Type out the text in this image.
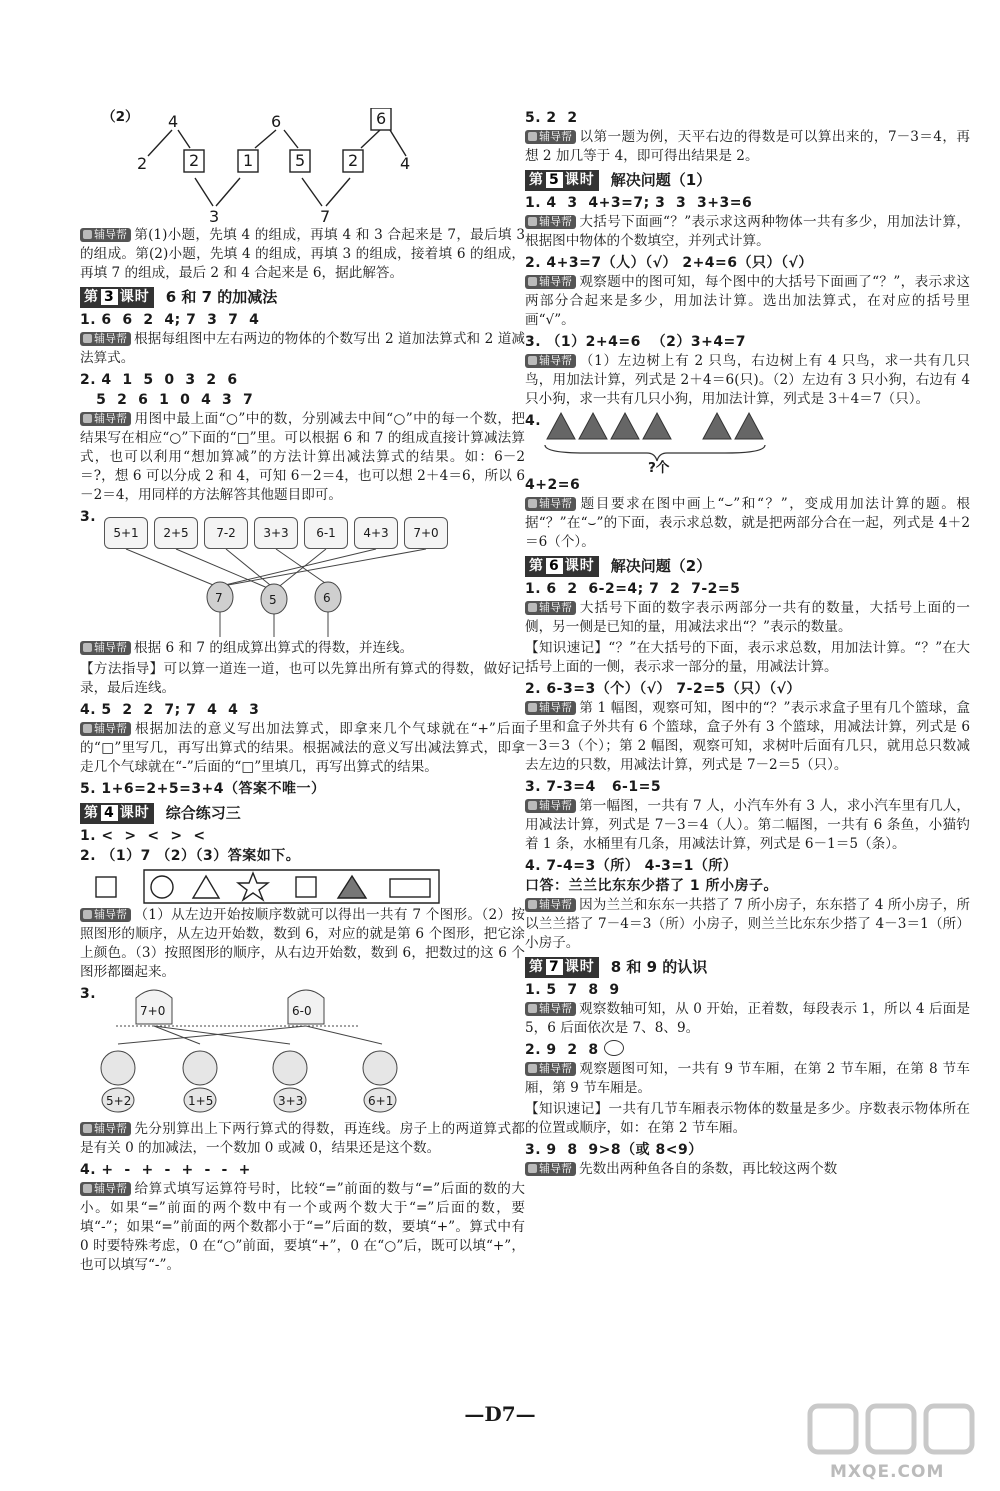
（2） 4
2	2
6
1	5	2
6
4
3	7

辅导帮 第(1)小题，先填 4 的组成，再填 4 和 3 合起来是 7，最后填 3 的组成。第(2)小题，先填 4 的组成，再填 3 的组成，接着填 6 的组成，再填 7 的组成，最后 2 和 4 合起来是 6，据此解答。

第 3 课时 6 和 7 的加减法
1. 6  6  2  4; 7  3  7  4

辅导帮 根据每组图中左右两边的物体的个数写出 2 道加法算式和 2 道减法算式。

2. 4  1  5  0  3  2  6
5  2  6  1  0  4  3  7

辅导帮 用图中最上面“○”中的数，分别减去中间“○”中的每一个数，把结果写在相应“○”下面的“□”里。可以根据 6 和 7 的组成直接计算减法算式，也可以利用“想加算减”的方法计算出减法算式的结果。如：6－2＝?，想 6 可以分成 2 和 4，可知 6－2＝4，也可以想 2＋4＝6，所以 6－2＝4，用同样的方法解答其他题目即可。

3.
5+1	2+5	7-2	3+3	6-1	4+3	7+0
7	5	6

辅导帮 根据 6 和 7 的组成算出算式的得数，并连线。

【方法指导】可以算一道连一道，也可以先算出所有算式的得数，做好记录，最后连线。

4. 5  2  2  7; 7  4  4  3

辅导帮 根据加法的意义写出加法算式，即拿来几个气球就在“+”后面的“□”里写几，再写出算式的结果。根据减法的意义写出减法算式，即拿走几个气球就在“-”后面的“□”里填几，再写出算式的结果。

5. 1+6=2+5=3+4（答案不唯一）
第 4 课时 综合练习三
1. <  >  <  >  <
2. （1）7 （2）（3）答案如下。

辅导帮 （1）从左边开始按顺序数就可以得出一共有 7 个图形。（2）按照图形的顺序，从左边开始数，数到 6，对应的就是第 6 个图形，把它涂上颜色。（3）按照图形的顺序，从右边开始数，数到 6，把数过的这 6 个图形都圈起来。

3.
7+0	6-0
5+2	1+5	3+3	6+1

辅导帮 先分别算出上下两行算式的得数，再连线。房子上的两道算式都是有关 0 的加减法，一个数加 0 或减 0，结果还是这个数。

4. +  -  +  -  +  -  -  +

辅导帮 给算式填写运算符号时，比较“=”前面的数与“=”后面的数的大小。如果“=”前面的两个数中有一个或两个数大于“=”后面的数，要填“-”；如果“=”前面的两个数都小于“=”后面的数，要填“+”。算式中有 0 时要特殊考虑，0 在“○”前面，要填“+”，0 在“○”后，既可以填“+”，也可以填写“-”。

5. 2  2

辅导帮 以第一题为例，天平右边的得数是可以算出来的，7－3＝4，再想 2 加几等于 4，即可得出结果是 2。

第 5 课时 解决问题（1）
1. 4  3  4+3=7; 3  3  3+3=6

辅导帮 大括号下面画“？”表示求这两种物体一共有多少，用加法计算，根据图中物体的个数填空，并列式计算。

2. 4+3=7（人）（√） 2+4=6（只）（√）

辅导帮 观察题中的图可知，每个图中的大括号下面画了“？”，表示求这两部分合起来是多少，用加法计算。选出加法算式，在对应的括号里画“√”。

3. （1）2+4=6  （2）3+4=7

辅导帮 （1）左边树上有 2 只鸟，右边树上有 4 只鸟，求一共有几只鸟，用加法计算，列式是 2＋4＝6(只)。（2）左边有 3 只小狗，右边有 4 只小狗，求一共有几只小狗，用加法计算，列式是 3＋4＝7（只）。

4.
?个
4+2=6

辅导帮 题目要求在图中画上“⌣”和“？”，变成用加法计算的题。根据“？”在“⌣”的下面，表示求总数，就是把两部分合在一起，列式是 4＋2＝6（个）。

第 6 课时 解决问题（2）
1. 6  2  6-2=4; 7  2  7-2=5

辅导帮 大括号下面的数字表示两部分一共有的数量，大括号上面的一侧，另一侧是已知的量，用减法求出“？”表示的数量。

【知识速记】“？”在大括号的下面，表示求总数，用加法计算。“？”在大括号上面的一侧，表示求一部分的量，用减法计算。

2. 6-3=3（个）（√） 7-2=5（只）（√）

辅导帮 第 1 幅图，观察可知，图中的“？”表示求盒子里有几个篮球，盒子里和盒子外共有 6 个篮球，盒子外有 3 个篮球，用减法计算，列式是 6－3＝3（个）；第 2 幅图，观察可知，求树叶后面有几只，就用总只数减去左边的只数，用减法计算，列式是 7－2＝5（只）。

3. 7-3=4   6-1=5

辅导帮 第一幅图，一共有 7 人，小汽车外有 3 人，求小汽车里有几人，用减法计算，列式是 7－3＝4（人）。第二幅图，一共有 6 条鱼，小猫钓着 1 条，水桶里有几条，用减法计算，列式是 6－1＝5（条）。

4. 7-4=3（所） 4-3=1（所）
口答：兰兰比东东少搭了 1 所小房子。

辅导帮 因为兰兰和东东一共搭了 7 所小房子，东东搭了 4 所小房子，所以兰兰搭了 7－4＝3（所）小房子，则兰兰比东东少搭了 4－3＝1（所）小房子。

第 7 课时 8 和 9 的认识
1. 5  7  8  9

辅导帮 观察数轴可知，从 0 开始，正着数，每段表示 1，所以 4 后面是 5，6 后面依次是 7、8、9。

2. 9  2  8

辅导帮 观察题图可知，一共有 9 节车厢，在第 2 节车厢，在第 8 节车厢，第 9 节车厢是。

【知识速记】一共有几节车厢表示物体的数量是多少。序数表示物体所在的位置或顺序，如：在第 2 节车厢。

3. 9  8  9>8（或 8<9）

辅导帮 先数出两种鱼各自的条数，再比较这两个数

—D7—
MXQE.COM
